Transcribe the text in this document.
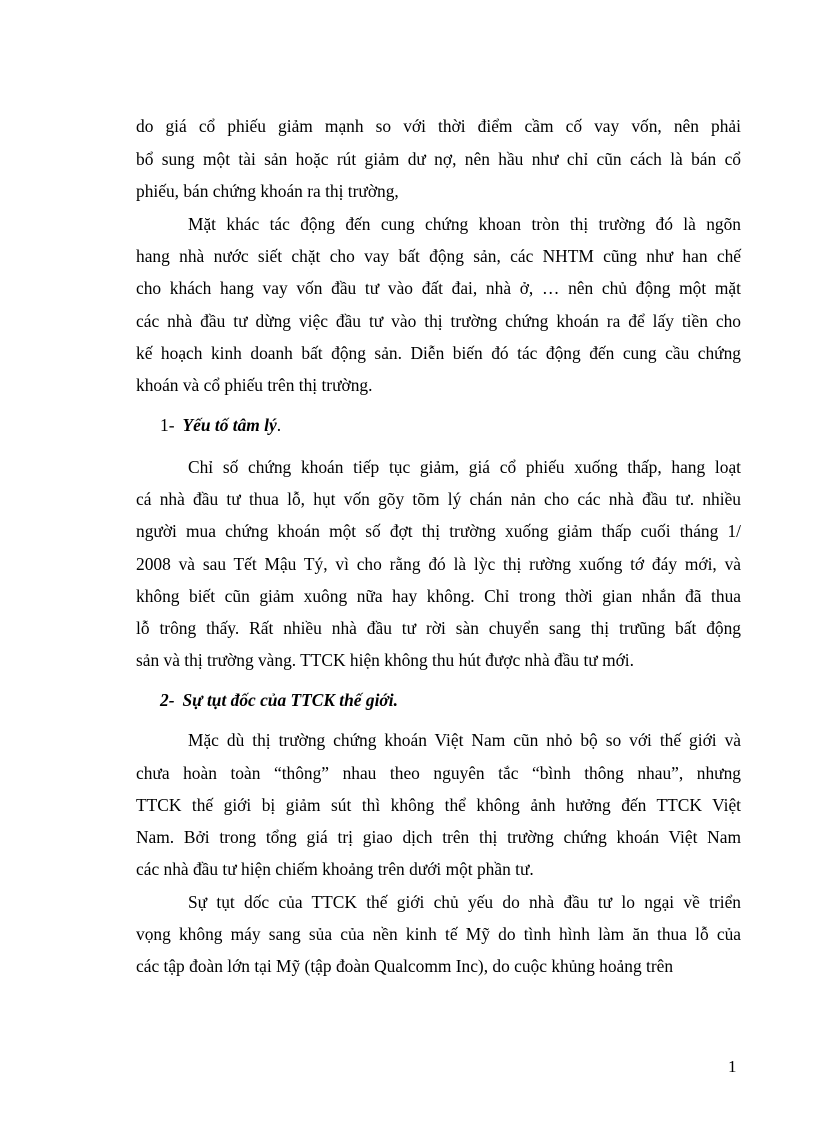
do giá cổ phiếu giảm mạnh so với thời điểm cầm cố vay vốn, nên phải
bổ sung một tài sản hoặc rút giảm dư nợ, nên hầu như chỉ cũn cách là bán cổ
phiếu, bán chứng khoán ra thị trường,
Mặt khác tác động đến cung chứng khoan tròn thị trường đó là ngõn
hang nhà nước siết chặt cho vay bất động sản, các NHTM cũng như han chế
cho khách hang vay vốn đầu tư vào đất đai, nhà ở, … nên chủ động một mặt
các nhà đầu tư dừng việc đầu tư vào thị trường chứng khoán ra để lấy tiền cho
kế hoạch kinh doanh bất động sản. Diễn biến đó tác động đến cung cầu chứng
khoán và cổ phiếu trên thị trường.
1- Yếu tố tâm lý.
Chỉ số chứng khoán tiếp tục giảm, giá cổ phiếu xuống thấp, hang loạt
cá nhà đầu tư thua lỗ, hụt vốn gõy tõm lý chán nản cho các nhà đầu tư. nhiều
người mua chứng khoán một số đợt thị trường xuống giảm thấp cuối tháng 1/
2008 và sau Tết Mậu Tý, vì cho rằng đó là lỳc thị rường xuống tớ đáy mới, và
không biết cũn giảm xuông nữa hay không. Chỉ trong thời gian nhắn đã thua
lỗ trông thấy. Rất nhiều nhà đầu tư rời sàn chuyển sang thị trưũng bất động
sản và thị trường vàng. TTCK hiện không thu hút được nhà đầu tư mới.
2- Sự tụt đốc của TTCK thế giới.
Mặc dù thị trường chứng khoán Việt Nam cũn nhỏ bộ so với thế giới và
chưa hoàn toàn “thông” nhau theo nguyên tắc “bình thông nhau”, nhưng
TTCK thế giới bị giảm sút thì không thể không ảnh hưởng đến TTCK Việt
Nam. Bởi trong tổng giá trị giao dịch trên thị trường chứng khoán Việt Nam
các nhà đầu tư hiện chiếm khoảng trên dưới một phần tư.
Sự tụt dốc của TTCK thế giới chủ yếu do nhà đầu tư lo ngại về triển
vọng không máy sang sủa của nền kinh tế Mỹ do tình hình làm ăn thua lỗ của
các tập đoàn lớn tại Mỹ (tập đoàn Qualcomm Inc), do cuộc khủng hoảng trên
1
